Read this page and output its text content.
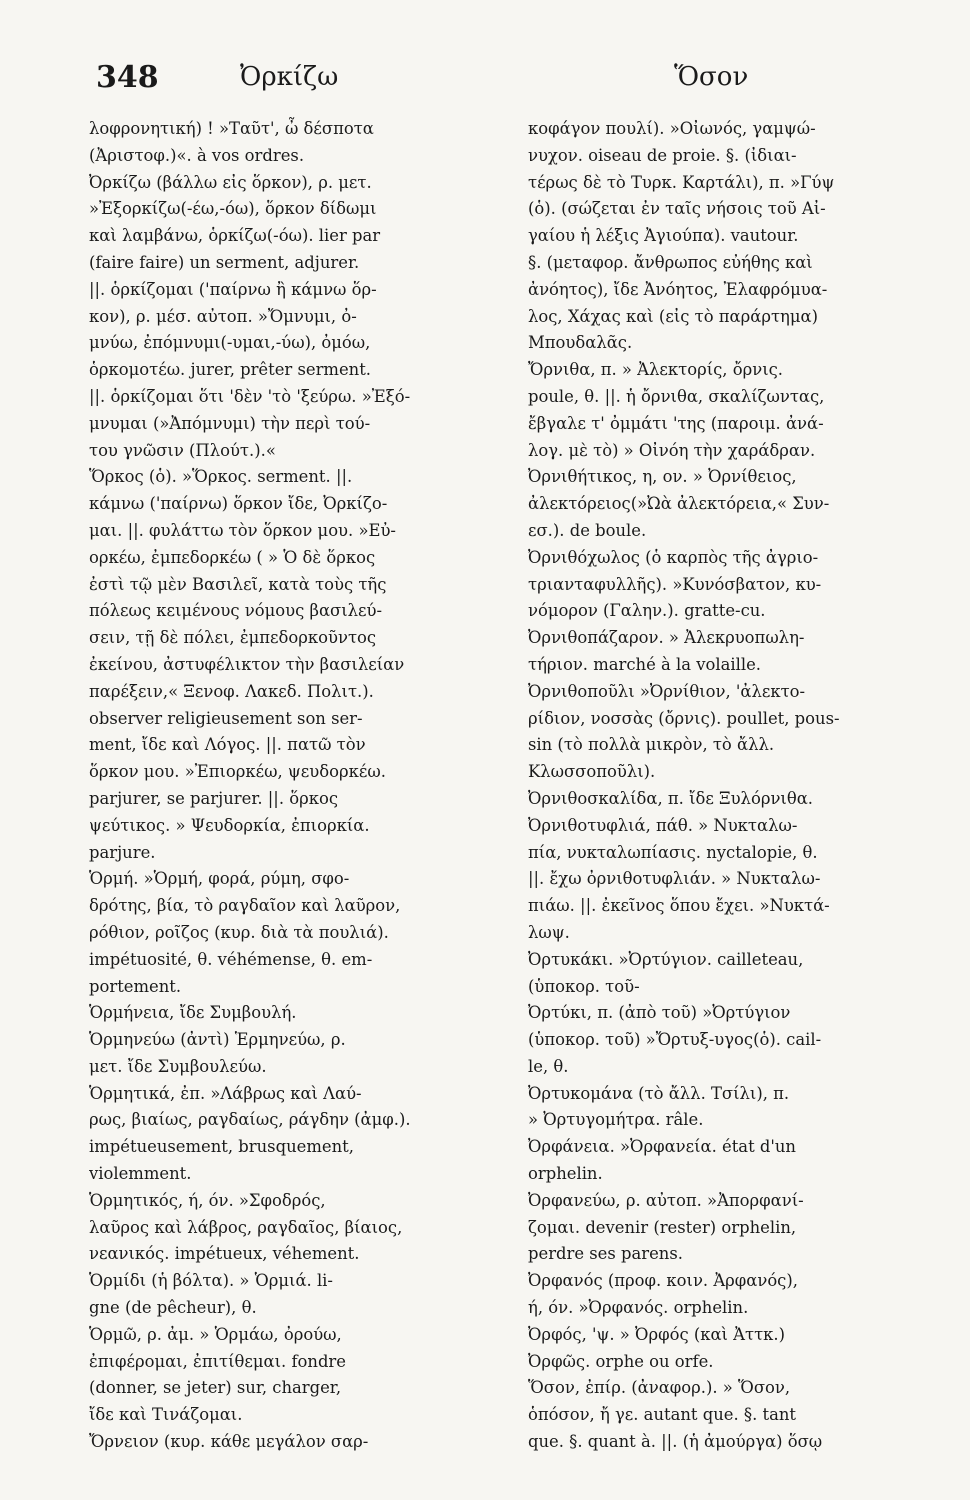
348	Ὀρκίζω	Ὅσον
λοφρονητική) ! »Ταῦτ', ὦ δέσποτα
(Ἀριστοφ.)«. à vos ordres.
Ὀρκίζω (βάλλω εἰς ὅρκον), ρ. μετ.
»Ἐξορκίζω(-έω,-όω), ὅρκον δίδωμι
καὶ λαμβάνω, ὁρκίζω(-όω). lier par
(faire faire) un serment, adjurer.
||. ὁρκίζομαι ('παίρνω ἢ κάμνω ὅρ-
κον), ρ. μέσ. αὐτοπ. »Ὄμνυμι, ὀ-
μνύω, ἐπόμνυμι(-υμαι,-ύω), ὀμόω,
ὁρκομοτέω. jurer, prêter serment.
||. ὁρκίζομαι ὅτι 'δὲν 'τὸ 'ξεύρω. »Ἐξό-
μνυμαι (»Ἀπόμνυμι) τὴν περὶ τού-
του γνῶσιν (Πλούτ.).«
Ὅρκος (ὁ). »Ὅρκος. serment. ||.
κάμνω ('παίρνω) ὅρκον ἴδε, Ὀρκίζο-
μαι. ||. φυλάττω τὸν ὅρκον μου. »Εὐ-
ορκέω, ἐμπεδορκέω ( » Ὁ δὲ ὅρκος
ἐστὶ τῷ μὲν Βασιλεῖ, κατὰ τοὺς τῆς
πόλεως κειμένους νόμους βασιλεύ-
σειν, τῇ δὲ πόλει, ἐμπεδορκοῦντος
ἐκείνου, ἀστυφέλικτον τὴν βασιλείαν
παρέξειν,« Ξενοφ. Λακεδ. Πολιτ.).
observer religieusement son ser-
ment, ἴδε καὶ Λόγος. ||. πατῶ τὸν
ὅρκον μου. »Ἐπιορκέω, ψευδορκέω.
parjurer, se parjurer. ||. ὅρκος
ψεύτικος. » Ψευδορκία, ἐπιορκία.
parjure.
Ὁρμή. »Ὁρμή, φορά, ρύμη, σφο-
δρότης, βία, τὸ ραγδαῖον καὶ λαῦρον,
ρόθιον, ροῖζος (κυρ. διὰ τὰ πουλιά).
impétuosité, θ. véhémense, θ. em-
portement.
Ὁρμήνεια, ἴδε Συμβουλή.
Ὁρμηνεύω (ἀντὶ) Ἑρμηνεύω, ρ.
μετ. ἴδε Συμβουλεύω.
Ὁρμητικά, ἐπ. »Λάβρως καὶ Λαύ-
ρως, βιαίως, ραγδαίως, ράγδην (ἀμφ.).
impétueusement, brusquement,
violemment.
Ὁρμητικός, ή, όν. »Σφοδρός,
λαῦρος καὶ λάβρος, ραγδαῖος, βίαιος,
νεανικός. impétueux, véhement.
Ὁρμίδι (ἡ βόλτα). » Ὁρμιά. li-
gne (de pêcheur), θ.
Ὁρμῶ, ρ. ἀμ. » Ὁρμάω, ὀρούω,
ἐπιφέρομαι, ἐπιτίθεμαι. fondre
(donner, se jeter) sur, charger,
ἴδε καὶ Τινάζομαι.
Ὄρνειον (κυρ. κάθε μεγάλον σαρ-
κοφάγον πουλί). »Οἰωνός, γαμψώ-
νυχον. oiseau de proie. §. (ἰδιαι-
τέρως δὲ τὸ Τυρκ. Καρτάλι), π. »Γύψ
(ὁ). (σώζεται ἐν ταῖς νήσοις τοῦ Αἰ-
γαίου ἡ λέξις Ἀγιούπα). vautour.
§. (μεταφορ. ἄνθρωπος εὐήθης καὶ
ἀνόητος), ἴδε Ἀνόητος, Ἐλαφρόμυα-
λος, Χάχας καὶ (εἰς τὸ παράρτημα)
Μπουδαλᾶς.
Ὄρνιθα, π. » Ἀλεκτορίς, ὄρνις.
poule, θ. ||. ἡ ὄρνιθα, σκαλίζωντας,
ἔβγαλε τ' ὀμμάτι 'της (παροιμ. ἀνά-
λογ. μὲ τὸ) » Οἰνόη τὴν χαράδραν.
Ὀρνιθήτικος, η, ον. » Ὀρνίθειος,
ἀλεκτόρειος(»Ὠὰ ἀλεκτόρεια,« Συν-
εσ.). de boule.
Ὀρνιθόχωλος (ὁ καρπὸς τῆς ἀγριο-
τριανταφυλλῆς). »Κυνόσβατον, κυ-
νόμορον (Γαλην.). gratte-cu.
Ὀρνιθοπάζαρον. » Ἀλεκρυοπωλη-
τήριον. marché à la volaille.
Ὀρνιθοποῦλι »Ὀρνίθιον, 'ἀλεκτο-
ρίδιον, νοσσὰς (ὄρνις). poullet, pous-
sin (τὸ πολλὰ μικρὸν, τὸ ἄλλ.
Κλωσσοποῦλι).
Ὀρνιθοσκαλίδα, π. ἴδε Ξυλόρνιθα.
Ὀρνιθοτυφλιά, πάθ. » Νυκταλω-
πία, νυκταλωπίασις. nyctalopie, θ.
||. ἔχω ὀρνιθοτυφλιάν. » Νυκταλω-
πιάω. ||. ἐκεῖνος ὅπου ἔχει. »Νυκτά-
λωψ.
Ὀρτυκάκι. »Ὀρτύγιον. cailleteau,
(ὑποκορ. τοῦ-
Ὀρτύκι, π. (ἀπὸ τοῦ) »Ὀρτύγιον
(ὑποκορ. τοῦ) »Ὄρτυξ-υγος(ὁ). cail-
le, θ.
Ὀρτυκομάνα (τὸ ἄλλ. Τσίλι), π.
» Ὀρτυγομήτρα. râle.
Ὀρφάνεια. »Ὀρφανεία. état d'un
orphelin.
Ὀρφανεύω, ρ. αὐτοπ. »Ἀπορφανί-
ζομαι. devenir (rester) orphelin,
perdre ses parens.
Ὀρφανός (προφ. κοιν. Ἀρφανός),
ή, όν. »Ὀρφανός. orphelin.
Ὀρφός, 'ψ. » Ὀρφός (καὶ Ἀττκ.)
Ὀρφῶς. orphe ou orfe.
Ὅσον, ἐπίρ. (ἀναφορ.). » Ὅσον,
ὁπόσον, ἤ γε. autant que. §. tant
que. §. quant à. ||. (ἡ ἀμούργα) ὅσῳ
